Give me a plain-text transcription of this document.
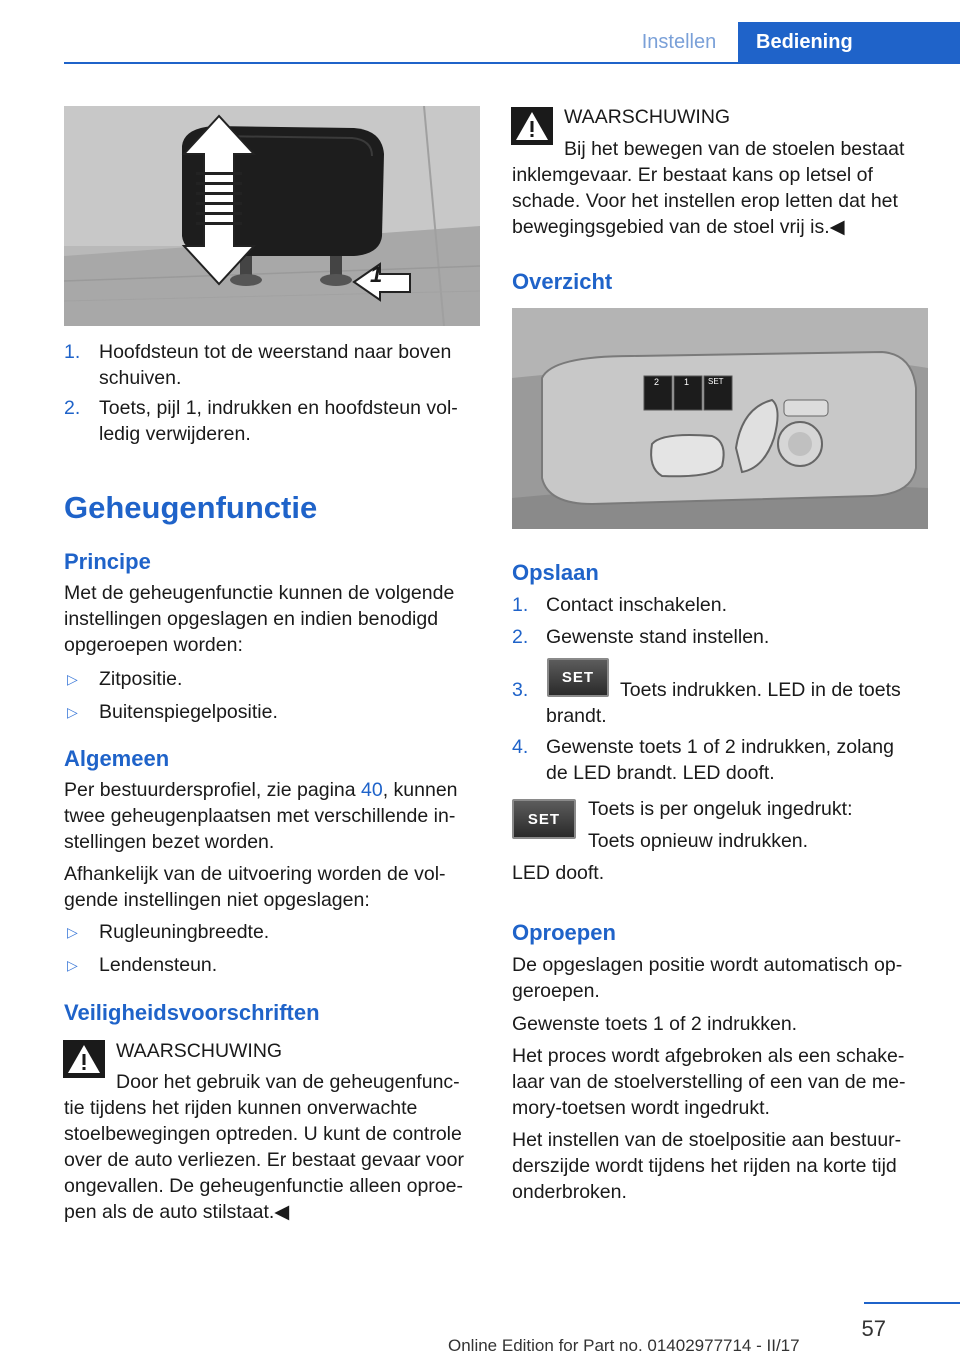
Instellen	Bediening
1
1. Hoofdsteun tot de weerstand naar boven
schuiven.
2. Toets, pijl 1, indrukken en hoofdsteun vol-
ledig verwijderen.
Geheugenfunctie
Principe
Met de geheugenfunctie kunnen de volgende
instellingen opgeslagen en indien benodigd
opgeroepen worden:
▷ Zitpositie.
▷ Buitenspiegelpositie.
Algemeen
Per bestuurdersprofiel, zie pagina 40, kunnen
twee geheugenplaatsen met verschillende in-
stellingen bezet worden.
Afhankelijk van de uitvoering worden de vol-
gende instellingen niet opgeslagen:
▷ Rugleuningbreedte.
▷ Lendensteun.
Veiligheidsvoorschriften
WAARSCHUWING
Door het gebruik van de geheugenfunc-
tie tijdens het rijden kunnen onverwachte
stoelbewegingen optreden. U kunt de controle
over de auto verliezen. Er bestaat gevaar voor
ongevallen. De geheugenfunctie alleen oproe-
pen als de auto stilstaat.◀
WAARSCHUWING
Bij het bewegen van de stoelen bestaat
inklemgevaar. Er bestaat kans op letsel of
schade. Voor het instellen erop letten dat het
bewegingsgebied van de stoel vrij is.◀
Overzicht
2	1 SET
Opslaan
1. Contact inschakelen.
2. Gewenste stand instellen.
3.
SET
Toets indrukken. LED in de toets
brandt.
4. Gewenste toets 1 of 2 indrukken, zolang
de LED brandt. LED dooft.
SET	Toets is per ongeluk ingedrukt:
Toets opnieuw indrukken.
LED dooft.
Oproepen
De opgeslagen positie wordt automatisch op-
geroepen.
Gewenste toets 1 of 2 indrukken.
Het proces wordt afgebroken als een schake-
laar van de stoelverstelling of een van de me-
mory-toetsen wordt ingedrukt.
Het instellen van de stoelpositie aan bestuur-
derszijde wordt tijdens het rijden na korte tijd
onderbroken.
57
Online Edition for Part no. 01402977714 - II/17
